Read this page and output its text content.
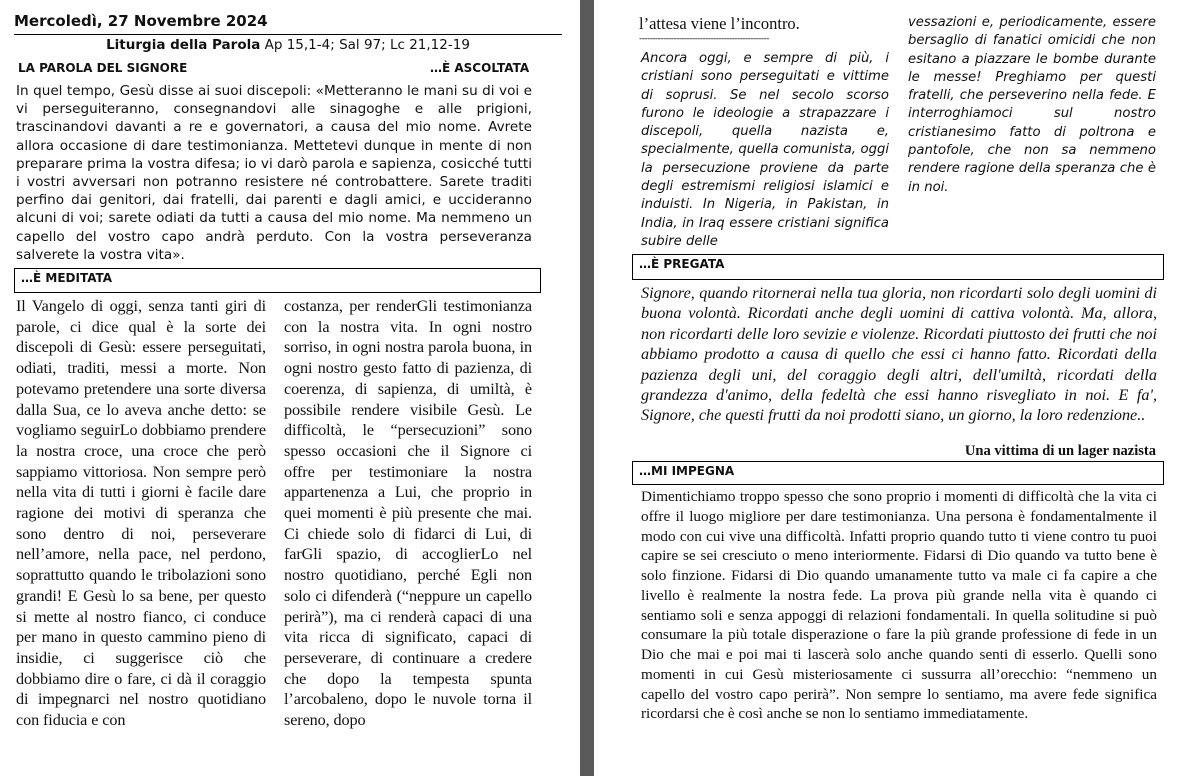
Mercoledì, 27 Novembre 2024
Liturgia della Parola Ap 15,1-4; Sal 97; Lc 21,12-19
LA PAROLA DEL SIGNORE	…È ASCOLTATA

In quel tempo, Gesù disse ai suoi discepoli: «Metteranno le mani su di voi e vi perseguiteranno, consegnandovi alle sinagoghe e alle prigioni, trascinandovi davanti a re e governatori, a causa del mio nome. Avrete allora occasione di dare testimonianza. Mettetevi dunque in mente di non preparare prima la vostra difesa; io vi darò parola e sapienza, cosicché tutti i vostri avversari non potranno resistere né controbattere. Sarete traditi perfino dai genitori, dai fratelli, dai parenti e dagli amici, e uccideranno alcuni di voi; sarete odiati da tutti a causa del mio nome. Ma nemmeno un capello del vostro capo andrà perduto. Con la vostra perseveranza salverete la vostra vita».

…È MEDITATA

Il Vangelo di oggi, senza tanti giri di parole, ci dice qual è la sorte dei discepoli di Gesù: essere perseguitati, odiati, traditi, messi a morte. Non potevamo pretendere una sorte diversa dalla Sua, ce lo aveva anche detto: se vogliamo seguirLo dobbiamo prendere la nostra croce, una croce che però sappiamo vittoriosa. Non sempre però nella vita di tutti i giorni è facile dare ragione dei motivi di speranza che sono dentro di noi, perseverare nell’amore, nella pace, nel perdono, soprattutto quando le tribolazioni sono grandi! E Gesù lo sa bene, per questo si mette al nostro fianco, ci conduce per mano in questo cammino pieno di insidie, ci suggerisce ciò che dobbiamo dire o fare, ci dà il coraggio di impegnarci nel nostro quotidiano con fiducia e con

costanza, per renderGli testimonianza con la nostra vita. In ogni nostro sorriso, in ogni nostra parola buona, in ogni nostro gesto fatto di pazienza, di coerenza, di sapienza, di umiltà, è possibile rendere visibile Gesù. Le difficoltà, le “persecuzioni” sono spesso occasioni che il Signore ci offre per testimoniare la nostra appartenenza a Lui, che proprio in quei momenti è più presente che mai. Ci chiede solo di fidarci di Lui, di farGli spazio, di accoglierLo nel nostro quotidiano, perché Egli non solo ci difenderà (“neppure un capello perirà”), ma ci renderà capaci di una vita ricca di significato, capaci di perseverare, di continuare a credere che dopo la tempesta spunta l’arcobaleno, dopo le nuvole torna il sereno, dopo

l’attesa viene l’incontro.
-------------------------------------------------

Ancora oggi, e sempre di più, i cristiani sono perseguitati e vittime di soprusi. Se nel secolo scorso furono le ideologie a strapazzare i discepoli, quella nazista e, specialmente, quella comunista, oggi la persecuzione proviene da parte degli estremismi religiosi islamici e induisti. In Nigeria, in Pakistan, in India, in Iraq essere cristiani significa subire delle

vessazioni e, periodicamente, essere bersaglio di fanatici omicidi che non esitano a piazzare le bombe durante le messe! Preghiamo per questi fratelli, che perseverino nella fede. E interroghiamoci sul nostro cristianesimo fatto di poltrona e pantofole, che non sa nemmeno rendere ragione della speranza che è in noi.

…È PREGATA
Signore, quando ritornerai nella tua gloria, non ricordarti solo degli uomini di buona volontà. Ricordati anche degli uomini di cattiva volontà. Ma, allora, non ricordarti delle loro sevizie e violenze. Ricordati piuttosto dei frutti che noi abbiamo prodotto a causa di quello che essi ci hanno fatto. Ricordati della pazienza degli uni, del coraggio degli altri, dell'umiltà, ricordati della grandezza d'animo, della fedeltà che essi hanno risvegliato in noi. E fa', Signore, che questi frutti da noi prodotti siano, un giorno, la loro redenzione..
Una vittima di un lager nazista
…MI IMPEGNA
Dimentichiamo troppo spesso che sono proprio i momenti di difficoltà che la vita ci offre il luogo migliore per dare testimonianza. Una persona è fondamentalmente il modo con cui vive una difficoltà. Infatti proprio quando tutto ti viene contro tu puoi capire se sei cresciuto o meno interiormente. Fidarsi di Dio quando va tutto bene è solo finzione. Fidarsi di Dio quando umanamente tutto va male ci fa capire a che livello è realmente la nostra fede. La prova più grande nella vita è quando ci sentiamo soli e senza appoggi di relazioni fondamentali. In quella solitudine si può consumare la più totale disperazione o fare la più grande professione di fede in un Dio che mai e poi mai ti lascerà solo anche quando senti di esserlo. Quelli sono momenti in cui Gesù misteriosamente ci sussurra all’orecchio: “nemmeno un capello del vostro capo perirà”. Non sempre lo sentiamo, ma avere fede significa ricordarsi che è così anche se non lo sentiamo immediatamente.
